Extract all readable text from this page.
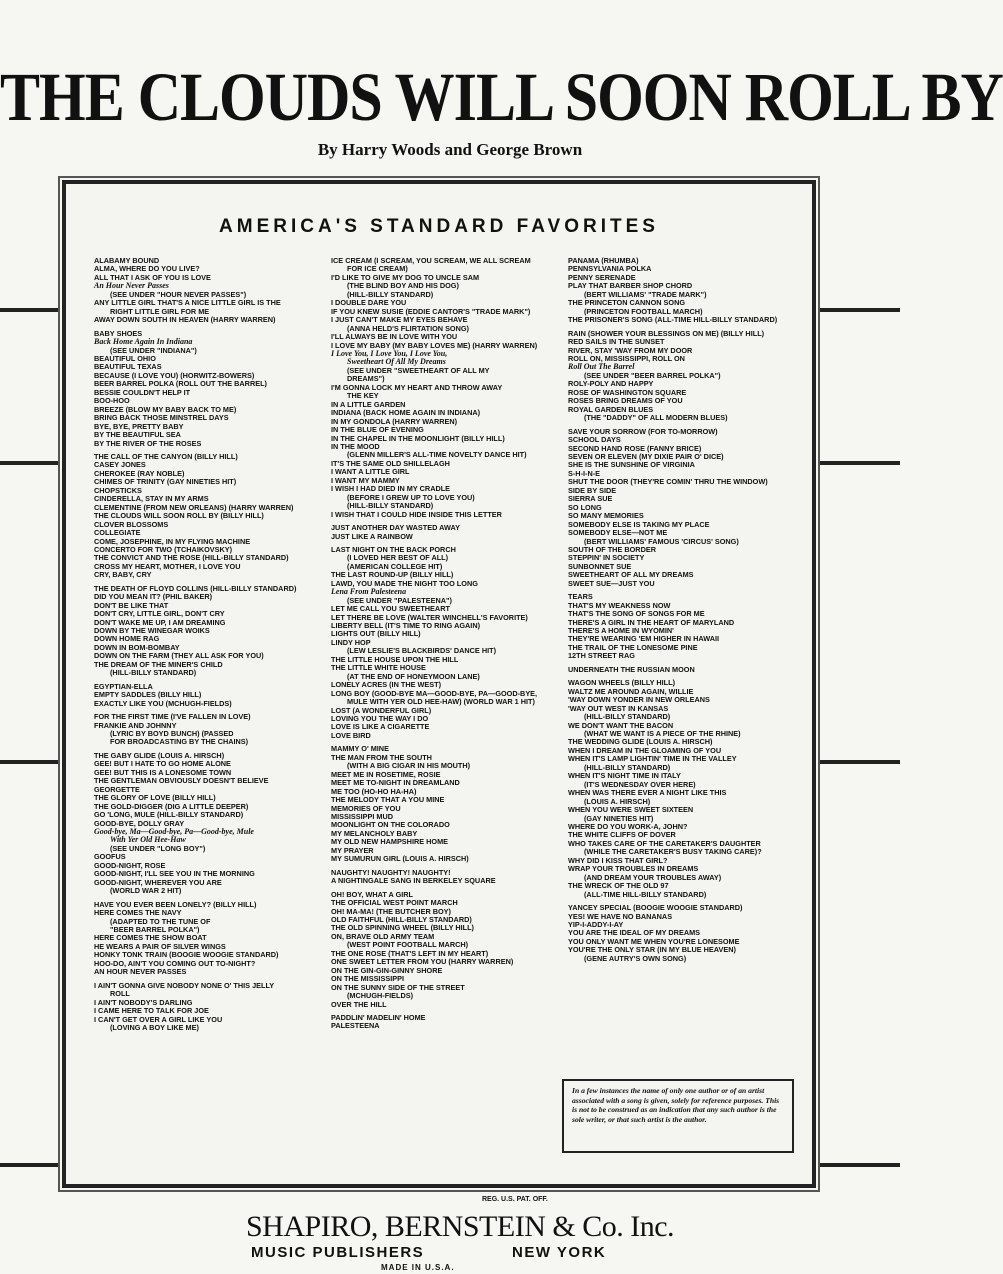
THE CLOUDS WILL SOON ROLL BY
By Harry Woods and George Brown
AMERICA'S STANDARD FAVORITES
ALABAMY BOUND
ALMA, WHERE DO YOU LIVE?
ALL THAT I ASK OF YOU IS LOVE
An Hour Never Passes
(SEE UNDER "HOUR NEVER PASSES")
ANY LITTLE GIRL THAT'S A NICE LITTLE GIRL IS THE
RIGHT LITTLE GIRL FOR ME
AWAY DOWN SOUTH IN HEAVEN (HARRY WARREN)
BABY SHOES
Back Home Again In Indiana
(SEE UNDER "INDIANA")
BEAUTIFUL OHIO
BEAUTIFUL TEXAS
BECAUSE (I LOVE YOU) (HORWITZ-BOWERS)
BEER BARREL POLKA (ROLL OUT THE BARREL)
BESSIE COULDN'T HELP IT
BOO-HOO
BREEZE (BLOW MY BABY BACK TO ME)
BRING BACK THOSE MINSTREL DAYS
BYE, BYE, PRETTY BABY
BY THE BEAUTIFUL SEA
BY THE RIVER OF THE ROSES
THE CALL OF THE CANYON (BILLY HILL)
CASEY JONES
CHEROKEE (RAY NOBLE)
CHIMES OF TRINITY (GAY NINETIES HIT)
CHOPSTICKS
CINDERELLA, STAY IN MY ARMS
CLEMENTINE (FROM NEW ORLEANS) (HARRY WARREN)
THE CLOUDS WILL SOON ROLL BY (BILLY HILL)
CLOVER BLOSSOMS
COLLEGIATE
COME, JOSEPHINE, IN MY FLYING MACHINE
CONCERTO FOR TWO (TCHAIKOVSKY)
THE CONVICT AND THE ROSE (HILL-BILLY STANDARD)
CROSS MY HEART, MOTHER, I LOVE YOU
CRY, BABY, CRY
THE DEATH OF FLOYD COLLINS (HILL-BILLY STANDARD)
DID YOU MEAN IT? (PHIL BAKER)
DON'T BE LIKE THAT
DON'T CRY, LITTLE GIRL, DON'T CRY
DON'T WAKE ME UP, I AM DREAMING
DOWN BY THE WINEGAR WOIKS
DOWN HOME RAG
DOWN IN BOM-BOMBAY
DOWN ON THE FARM (THEY ALL ASK FOR YOU)
THE DREAM OF THE MINER'S CHILD
(HILL-BILLY STANDARD)
EGYPTIAN-ELLA
EMPTY SADDLES (BILLY HILL)
EXACTLY LIKE YOU (MCHUGH-FIELDS)
FOR THE FIRST TIME (I'VE FALLEN IN LOVE)
FRANKIE AND JOHNNY
(LYRIC BY BOYD BUNCH) (PASSED
FOR BROADCASTING BY THE CHAINS)
THE GABY GLIDE (LOUIS A. HIRSCH)
GEE! BUT I HATE TO GO HOME ALONE
GEE! BUT THIS IS A LONESOME TOWN
THE GENTLEMAN OBVIOUSLY DOESN'T BELIEVE
GEORGETTE
THE GLORY OF LOVE (BILLY HILL)
THE GOLD-DIGGER (DIG A LITTLE DEEPER)
GO 'LONG, MULE (HILL-BILLY STANDARD)
GOOD-BYE, DOLLY GRAY
Good-bye, Ma—Good-bye, Pa—Good-bye, Mule
With Yer Old Hee-Haw
(SEE UNDER "LONG BOY")
GOOFUS
GOOD-NIGHT, ROSE
GOOD-NIGHT, I'LL SEE YOU IN THE MORNING
GOOD-NIGHT, WHEREVER YOU ARE
(WORLD WAR 2 HIT)
HAVE YOU EVER BEEN LONELY? (BILLY HILL)
HERE COMES THE NAVY
(ADAPTED TO THE TUNE OF
"BEER BARREL POLKA")
HERE COMES THE SHOW BOAT
HE WEARS A PAIR OF SILVER WINGS
HONKY TONK TRAIN (BOOGIE WOOGIE STANDARD)
HOO-DO, AIN'T YOU COMING OUT TO-NIGHT?
AN HOUR NEVER PASSES
I AIN'T GONNA GIVE NOBODY NONE O' THIS JELLY
ROLL
I AIN'T NOBODY'S DARLING
I CAME HERE TO TALK FOR JOE
I CAN'T GET OVER A GIRL LIKE YOU
(LOVING A BOY LIKE ME)
ICE CREAM (I SCREAM, YOU SCREAM, WE ALL SCREAM
FOR ICE CREAM)
I'D LIKE TO GIVE MY DOG TO UNCLE SAM
(THE BLIND BOY AND HIS DOG)
(HILL-BILLY STANDARD)
I DOUBLE DARE YOU
IF YOU KNEW SUSIE (EDDIE CANTOR'S "TRADE MARK")
I JUST CAN'T MAKE MY EYES BEHAVE
(ANNA HELD'S FLIRTATION SONG)
I'LL ALWAYS BE IN LOVE WITH YOU
I LOVE MY BABY (MY BABY LOVES ME) (HARRY WARREN)
I Love You, I Love You, I Love You,
Sweetheart Of All My Dreams
(SEE UNDER "SWEETHEART OF ALL MY
DREAMS")
I'M GONNA LOCK MY HEART AND THROW AWAY
THE KEY
IN A LITTLE GARDEN
INDIANA (BACK HOME AGAIN IN INDIANA)
IN MY GONDOLA (HARRY WARREN)
IN THE BLUE OF EVENING
IN THE CHAPEL IN THE MOONLIGHT (BILLY HILL)
IN THE MOOD
(GLENN MILLER'S ALL-TIME NOVELTY DANCE HIT)
IT'S THE SAME OLD SHILLELAGH
I WANT A LITTLE GIRL
I WANT MY MAMMY
I WISH I HAD DIED IN MY CRADLE
(BEFORE I GREW UP TO LOVE YOU)
(HILL-BILLY STANDARD)
I WISH THAT I COULD HIDE INSIDE THIS LETTER
JUST ANOTHER DAY WASTED AWAY
JUST LIKE A RAINBOW
LAST NIGHT ON THE BACK PORCH
(I LOVED HER BEST OF ALL)
(AMERICAN COLLEGE HIT)
THE LAST ROUND-UP (BILLY HILL)
LAWD, YOU MADE THE NIGHT TOO LONG
Lena From Palesteena
(SEE UNDER "PALESTEENA")
LET ME CALL YOU SWEETHEART
LET THERE BE LOVE (WALTER WINCHELL'S FAVORITE)
LIBERTY BELL (IT'S TIME TO RING AGAIN)
LIGHTS OUT (BILLY HILL)
LINDY HOP
(LEW LESLIE'S BLACKBIRDS' DANCE HIT)
THE LITTLE HOUSE UPON THE HILL
THE LITTLE WHITE HOUSE
(AT THE END OF HONEYMOON LANE)
LONELY ACRES (IN THE WEST)
LONG BOY (GOOD-BYE MA—GOOD-BYE, PA—GOOD-BYE,
MULE WITH YER OLD HEE-HAW) (WORLD WAR 1 HIT)
LOST (A WONDERFUL GIRL)
LOVING YOU THE WAY I DO
LOVE IS LIKE A CIGARETTE
LOVE BIRD
MAMMY O' MINE
THE MAN FROM THE SOUTH
(WITH A BIG CIGAR IN HIS MOUTH)
MEET ME IN ROSETIME, ROSIE
MEET ME TO-NIGHT IN DREAMLAND
ME TOO (HO-HO HA-HA)
THE MELODY THAT A YOU MINE
MEMORIES OF YOU
MISSISSIPPI MUD
MOONLIGHT ON THE COLORADO
MY MELANCHOLY BABY
MY OLD NEW HAMPSHIRE HOME
MY PRAYER
MY SUMURUN GIRL (LOUIS A. HIRSCH)
NAUGHTY! NAUGHTY! NAUGHTY!
A NIGHTINGALE SANG IN BERKELEY SQUARE
OH! BOY, WHAT A GIRL
THE OFFICIAL WEST POINT MARCH
OH! MA-MA! (THE BUTCHER BOY)
OLD FAITHFUL (HILL-BILLY STANDARD)
THE OLD SPINNING WHEEL (BILLY HILL)
ON, BRAVE OLD ARMY TEAM
(WEST POINT FOOTBALL MARCH)
THE ONE ROSE (THAT'S LEFT IN MY HEART)
ONE SWEET LETTER FROM YOU (HARRY WARREN)
ON THE GIN-GIN-GINNY SHORE
ON THE MISSISSIPPI
ON THE SUNNY SIDE OF THE STREET
(MCHUGH-FIELDS)
OVER THE HILL
PADDLIN' MADELIN' HOME
PALESTEENA
PANAMA (RHUMBA)
PENNSYLVANIA POLKA
PENNY SERENADE
PLAY THAT BARBER SHOP CHORD
(BERT WILLIAMS' "TRADE MARK")
THE PRINCETON CANNON SONG
(PRINCETON FOOTBALL MARCH)
THE PRISONER'S SONG (ALL-TIME HILL-BILLY STANDARD)
RAIN (SHOWER YOUR BLESSINGS ON ME) (BILLY HILL)
RED SAILS IN THE SUNSET
RIVER, STAY 'WAY FROM MY DOOR
ROLL ON, MISSISSIPPI, ROLL ON
Roll Out The Barrel
(SEE UNDER "BEER BARREL POLKA")
ROLY-POLY AND HAPPY
ROSE OF WASHINGTON SQUARE
ROSES BRING DREAMS OF YOU
ROYAL GARDEN BLUES
(THE "DADDY" OF ALL MODERN BLUES)
SAVE YOUR SORROW (FOR TO-MORROW)
SCHOOL DAYS
SECOND HAND ROSE (FANNY BRICE)
SEVEN OR ELEVEN (MY DIXIE PAIR O' DICE)
SHE IS THE SUNSHINE OF VIRGINIA
S-H-I-N-E
SHUT THE DOOR (THEY'RE COMIN' THRU THE WINDOW)
SIDE BY SIDE
SIERRA SUE
SO LONG
SO MANY MEMORIES
SOMEBODY ELSE IS TAKING MY PLACE
SOMEBODY ELSE—NOT ME
(BERT WILLIAMS' FAMOUS 'CIRCUS' SONG)
SOUTH OF THE BORDER
STEPPIN' IN SOCIETY
SUNBONNET SUE
SWEETHEART OF ALL MY DREAMS
SWEET SUE—JUST YOU
TEARS
THAT'S MY WEAKNESS NOW
THAT'S THE SONG OF SONGS FOR ME
THERE'S A GIRL IN THE HEART OF MARYLAND
THERE'S A HOME IN WYOMIN'
THEY'RE WEARING 'EM HIGHER IN HAWAII
THE TRAIL OF THE LONESOME PINE
12TH STREET RAG
UNDERNEATH THE RUSSIAN MOON
WAGON WHEELS (BILLY HILL)
WALTZ ME AROUND AGAIN, WILLIE
'WAY DOWN YONDER IN NEW ORLEANS
'WAY OUT WEST IN KANSAS
(HILL-BILLY STANDARD)
WE DON'T WANT THE BACON
(WHAT WE WANT IS A PIECE OF THE RHINE)
THE WEDDING GLIDE (LOUIS A. HIRSCH)
WHEN I DREAM IN THE GLOAMING OF YOU
WHEN IT'S LAMP LIGHTIN' TIME IN THE VALLEY
(HILL-BILLY STANDARD)
WHEN IT'S NIGHT TIME IN ITALY
(IT'S WEDNESDAY OVER HERE)
WHEN WAS THERE EVER A NIGHT LIKE THIS
(LOUIS A. HIRSCH)
WHEN YOU WERE SWEET SIXTEEN
(GAY NINETIES HIT)
WHERE DO YOU WORK-A, JOHN?
THE WHITE CLIFFS OF DOVER
WHO TAKES CARE OF THE CARETAKER'S DAUGHTER
(WHILE THE CARETAKER'S BUSY TAKING CARE)?
WHY DID I KISS THAT GIRL?
WRAP YOUR TROUBLES IN DREAMS
(AND DREAM YOUR TROUBLES AWAY)
THE WRECK OF THE OLD 97
(ALL-TIME HILL-BILLY STANDARD)
YANCEY SPECIAL (BOOGIE WOOGIE STANDARD)
YES! WE HAVE NO BANANAS
YIP-I-ADDY-I-AY
YOU ARE THE IDEAL OF MY DREAMS
YOU ONLY WANT ME WHEN YOU'RE LONESOME
YOU'RE THE ONLY STAR (IN MY BLUE HEAVEN)
(GENE AUTRY'S OWN SONG)
In a few instances the name of only one author or of an artist associated with a song is given, solely for reference purposes. This is not to be construed as an indication that any such author is the sole writer, or that such artist is the author.
REG. U.S. PAT. OFF.
SHAPIRO, BERNSTEIN & Co. Inc.
MUSIC PUBLISHERS	NEW YORK
MADE IN U.S.A.
